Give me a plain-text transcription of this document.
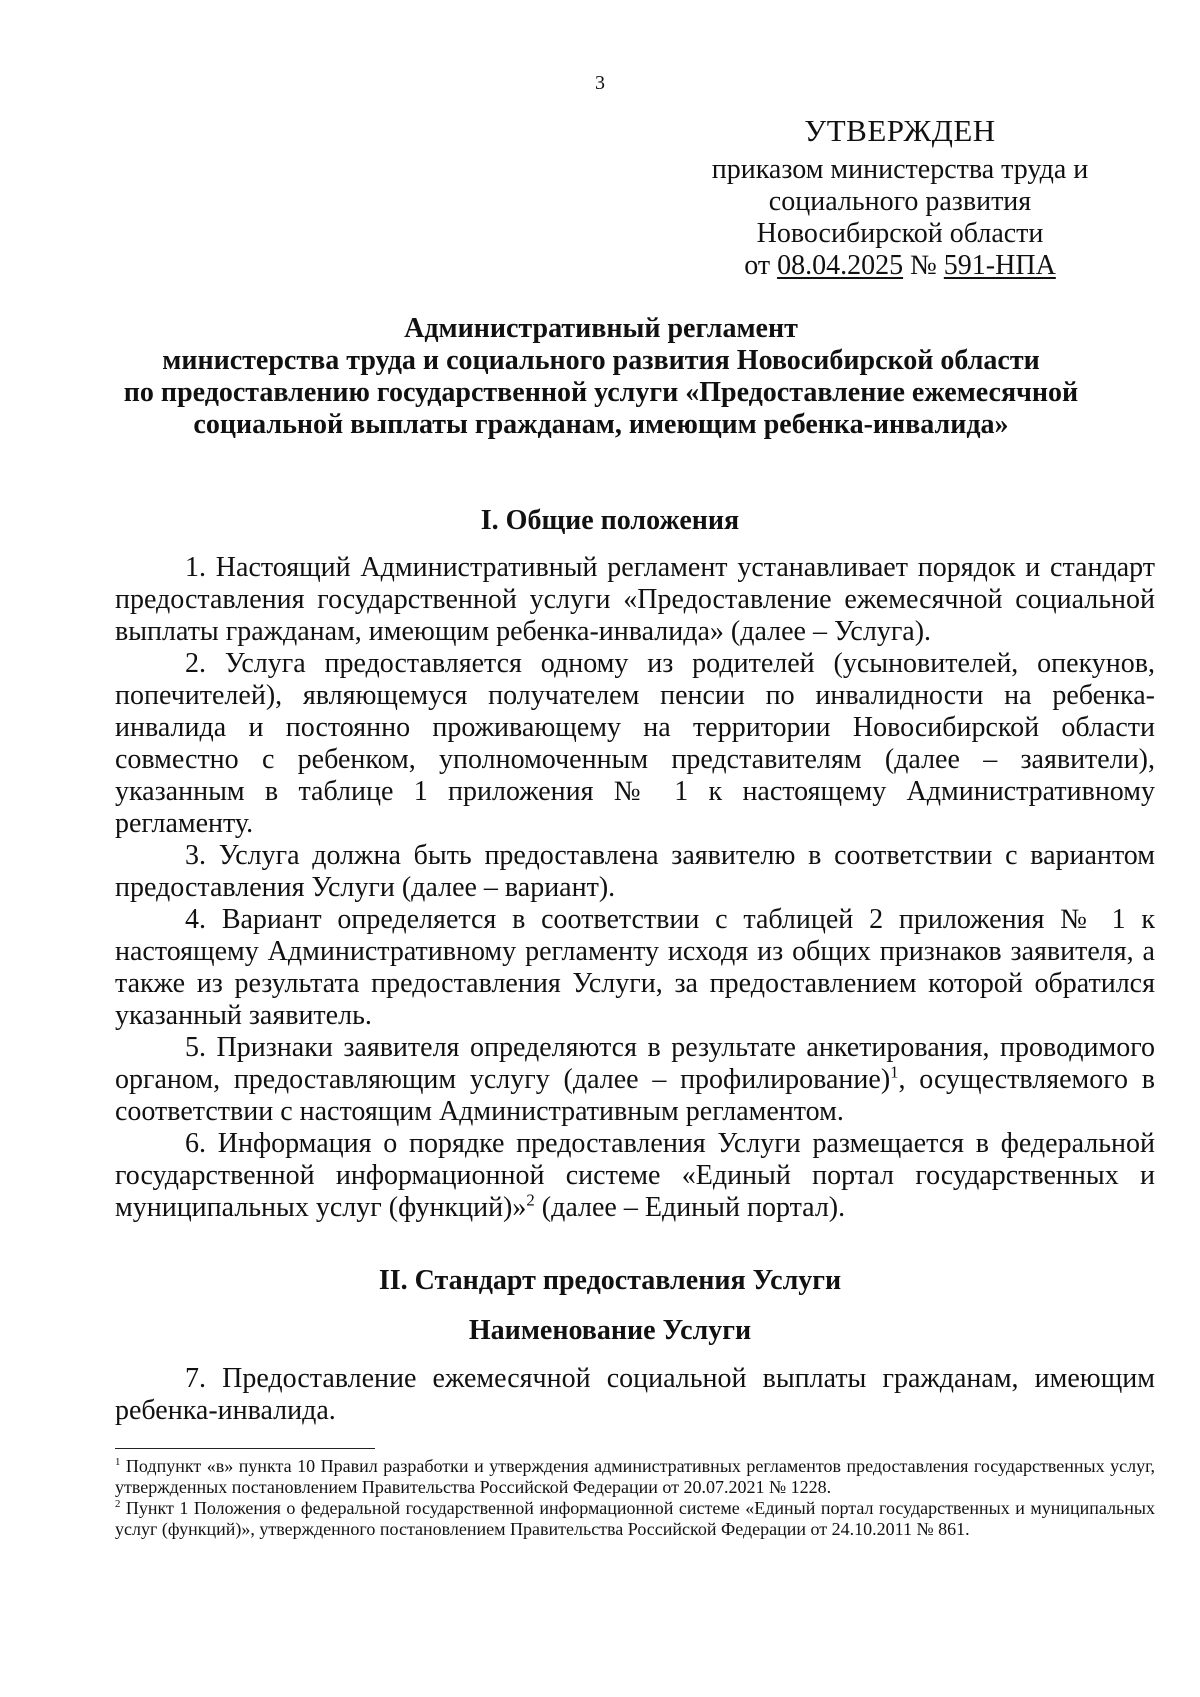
3
УТВЕРЖДЕН
приказом министерства труда и
социального развития
Новосибирской области
от 08.04.2025 № 591-НПА
Административный регламент
министерства труда и социального развития Новосибирской области
по предоставлению государственной услуги «Предоставление ежемесячной
социальной выплаты гражданам, имеющим ребенка-инвалида»
I. Общие положения

1. Настоящий Административный регламент устанавливает порядок и стандарт предоставления государственной услуги «Предоставление ежемесячной социальной выплаты гражданам, имеющим ребенка-инвалида» (далее – Услуга).

2. Услуга предоставляется одному из родителей (усыновителей, опекунов, попечителей), являющемуся получателем пенсии по инвалидности на ребенка-инвалида и постоянно проживающему на территории Новосибирской области совместно с ребенком, уполномоченным представителям (далее – заявители), указанным в таблице 1 приложения № 1 к настоящему Административному регламенту.

3. Услуга должна быть предоставлена заявителю в соответствии с вариантом предоставления Услуги (далее – вариант).

4. Вариант определяется в соответствии с таблицей 2 приложения № 1 к настоящему Административному регламенту исходя из общих признаков заявителя, а также из результата предоставления Услуги, за предоставлением которой обратился указанный заявитель.

5. Признаки заявителя определяются в результате анкетирования, проводимого органом, предоставляющим услугу (далее – профилирование)$^1$, осуществляемого в соответствии с настоящим Административным регламентом.

6. Информация о порядке предоставления Услуги размещается в федеральной государственной информационной системе «Единый портал государственных и муниципальных услуг (функций)»$^2$ (далее – Единый портал).

II. Стандарт предоставления Услуги
Наименование Услуги

7. Предоставление ежемесячной социальной выплаты гражданам, имеющим ребенка-инвалида.

$^1$ Подпункт «в» пункта 10 Правил разработки и утверждения административных регламентов предоставления государственных услуг, утвержденных постановлением Правительства Российской Федерации от 20.07.2021 № 1228.

$^2$ Пункт 1 Положения о федеральной государственной информационной системе «Единый портал государственных и муниципальных услуг (функций)», утвержденного постановлением Правительства Российской Федерации от 24.10.2011 № 861.
